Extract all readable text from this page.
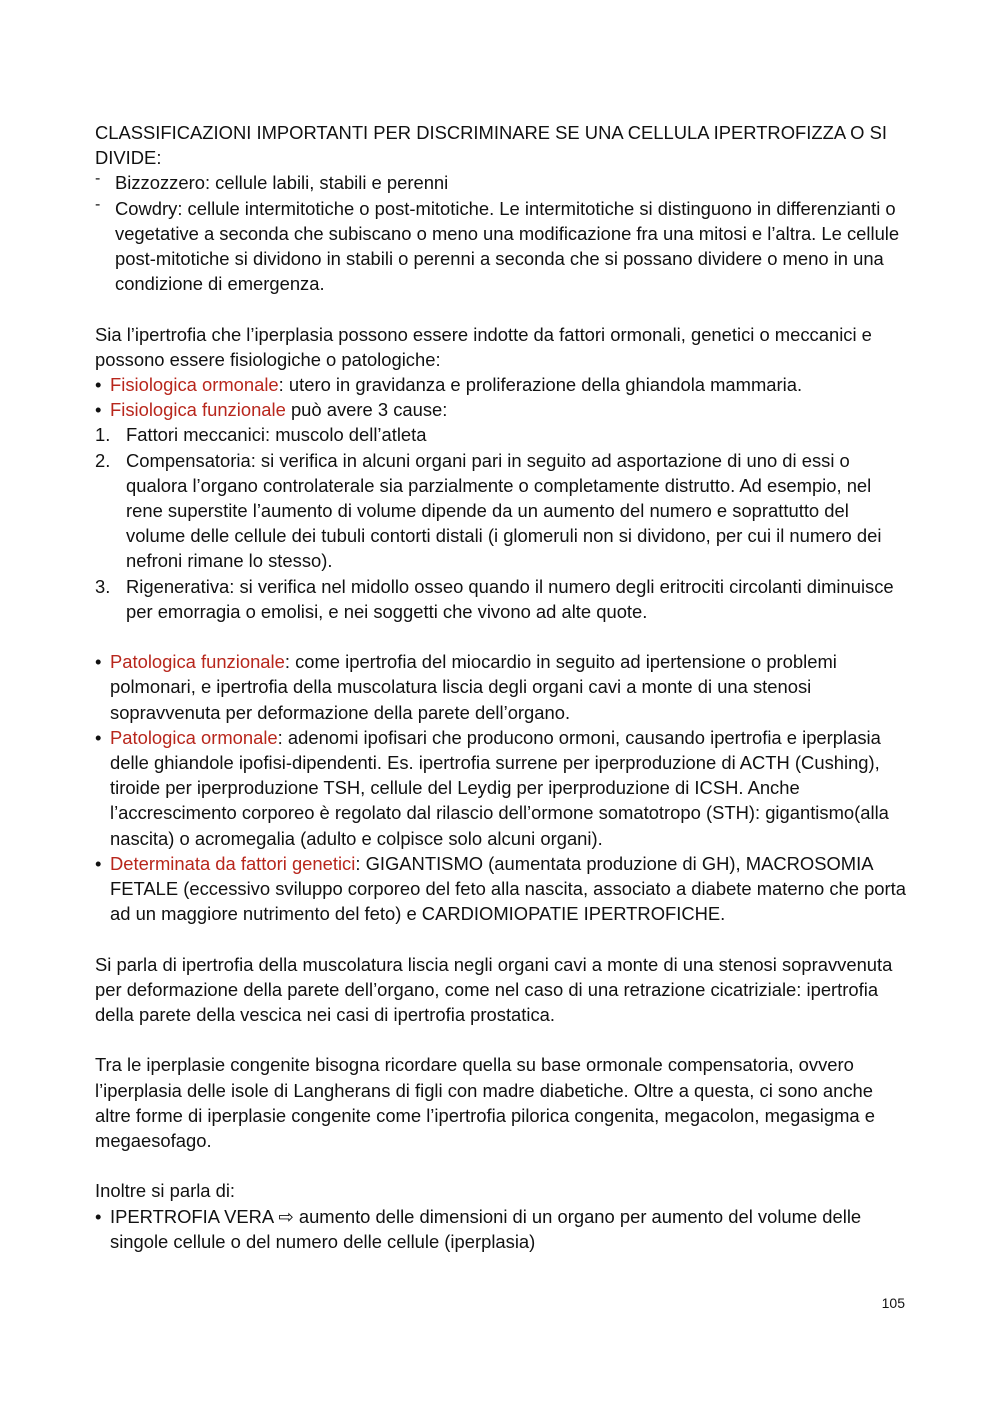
CLASSIFICAZIONI IMPORTANTI PER DISCRIMINARE SE UNA CELLULA IPERTROFIZZA O SI DIVIDE:

- Bizzozzero: cellule labili, stabili e perenni
- Cowdry: cellule intermitotiche o post-mitotiche. Le intermitotiche si distinguono in differenzianti o vegetative a seconda che subiscano o meno una modificazione fra una mitosi e l’altra. Le cellule post-mitotiche si dividono in stabili o perenni a seconda che si possano dividere o meno in una condizione di emergenza.

Sia l’ipertrofia che l’iperplasia possono essere indotte da fattori ormonali, genetici o meccanici e possono essere fisiologiche o patologiche:

• Fisiologica ormonale: utero in gravidanza e proliferazione della ghiandola mammaria.
• Fisiologica funzionale può avere 3 cause:
1. Fattori meccanici: muscolo dell’atleta
2. Compensatoria: si verifica in alcuni organi pari in seguito ad asportazione di uno di essi o qualora l’organo controlaterale sia parzialmente o completamente distrutto. Ad esempio, nel rene superstite l’aumento di volume dipende da un aumento del numero e soprattutto del volume delle cellule dei tubuli contorti distali (i glomeruli non si dividono, per cui il numero dei nefroni rimane lo stesso).
3. Rigenerativa: si verifica nel midollo osseo quando il numero degli eritrociti circolanti diminuisce per emorragia o emolisi, e nei soggetti che vivono ad alte quote.
• Patologica funzionale: come ipertrofia del miocardio in seguito ad ipertensione o problemi polmonari, e ipertrofia della muscolatura liscia degli organi cavi a monte di una stenosi sopravvenuta per deformazione della parete dell’organo.
• Patologica ormonale: adenomi ipofisari che producono ormoni, causando ipertrofia e iperplasia delle ghiandole ipofisi-dipendenti. Es. ipertrofia surrene per iperproduzione di ACTH (Cushing), tiroide per iperproduzione TSH, cellule del Leydig per iperproduzione di ICSH. Anche l’accrescimento corporeo è regolato dal rilascio dell’ormone somatotropo (STH): gigantismo(alla nascita) o acromegalia (adulto e colpisce solo alcuni organi).
• Determinata da fattori genetici: GIGANTISMO (aumentata produzione di GH), MACROSOMIA FETALE (eccessivo sviluppo corporeo del feto alla nascita, associato a diabete materno che porta ad un maggiore nutrimento del feto) e CARDIOMIOPATIE IPERTROFICHE.

Si parla di ipertrofia della muscolatura liscia negli organi cavi a monte di una stenosi sopravvenuta per deformazione della parete dell’organo, come nel caso di una retrazione cicatriziale: ipertrofia della parete della vescica nei casi di ipertrofia prostatica.

Tra le iperplasie congenite bisogna ricordare quella su base ormonale compensatoria, ovvero l’iperplasia delle isole di Langherans di figli con madre diabetiche. Oltre a questa, ci sono anche altre forme di iperplasie congenite come l’ipertrofia pilorica congenita, megacolon, megasigma e megaesofago.

Inoltre si parla di:

• IPERTROFIA VERA ⇨ aumento delle dimensioni di un organo per aumento del volume delle singole cellule o del numero delle cellule (iperplasia)
105
